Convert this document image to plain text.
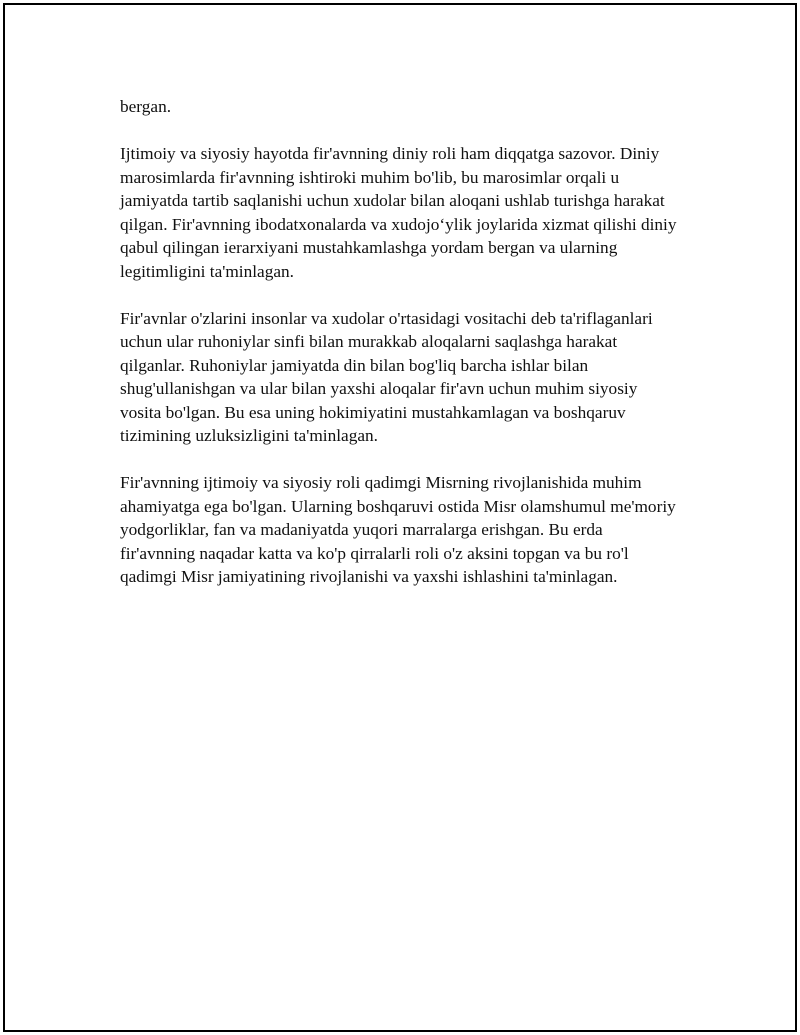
bergan.

Ijtimoiy va siyosiy hayotda fir'avnning diniy roli ham diqqatga sazovor. Diniy marosimlarda fir'avnning ishtiroki muhim bo'lib, bu marosimlar orqali u jamiyatda tartib saqlanishi uchun xudolar bilan aloqani ushlab turishga harakat qilgan. Fir'avnning ibodatxonalarda va xudojo‘ylik joylarida xizmat qilishi diniy qabul qilingan ierarxiyani mustahkamlashga yordam bergan va ularning legitimligini ta'minlagan.

Fir'avnlar o'zlarini insonlar va xudolar o'rtasidagi vositachi deb ta'riflaganlari uchun ular ruhoniylar sinfi bilan murakkab aloqalarni saqlashga harakat qilganlar. Ruhoniylar jamiyatda din bilan bog'liq barcha ishlar bilan shug'ullanishgan va ular bilan yaxshi aloqalar fir'avn uchun muhim siyosiy vosita bo'lgan. Bu esa uning hokimiyatini mustahkamlagan va boshqaruv tizimining uzluksizligini ta'minlagan.

Fir'avnning ijtimoiy va siyosiy roli qadimgi Misrning rivojlanishida muhim ahamiyatga ega bo'lgan. Ularning boshqaruvi ostida Misr olamshumul me'moriy yodgorliklar, fan va madaniyatda yuqori marralarga erishgan. Bu erda fir'avnning naqadar katta va ko'p qirralarli roli o'z aksini topgan va bu ro'l qadimgi Misr jamiyatining rivojlanishi va yaxshi ishlashini ta'minlagan.
